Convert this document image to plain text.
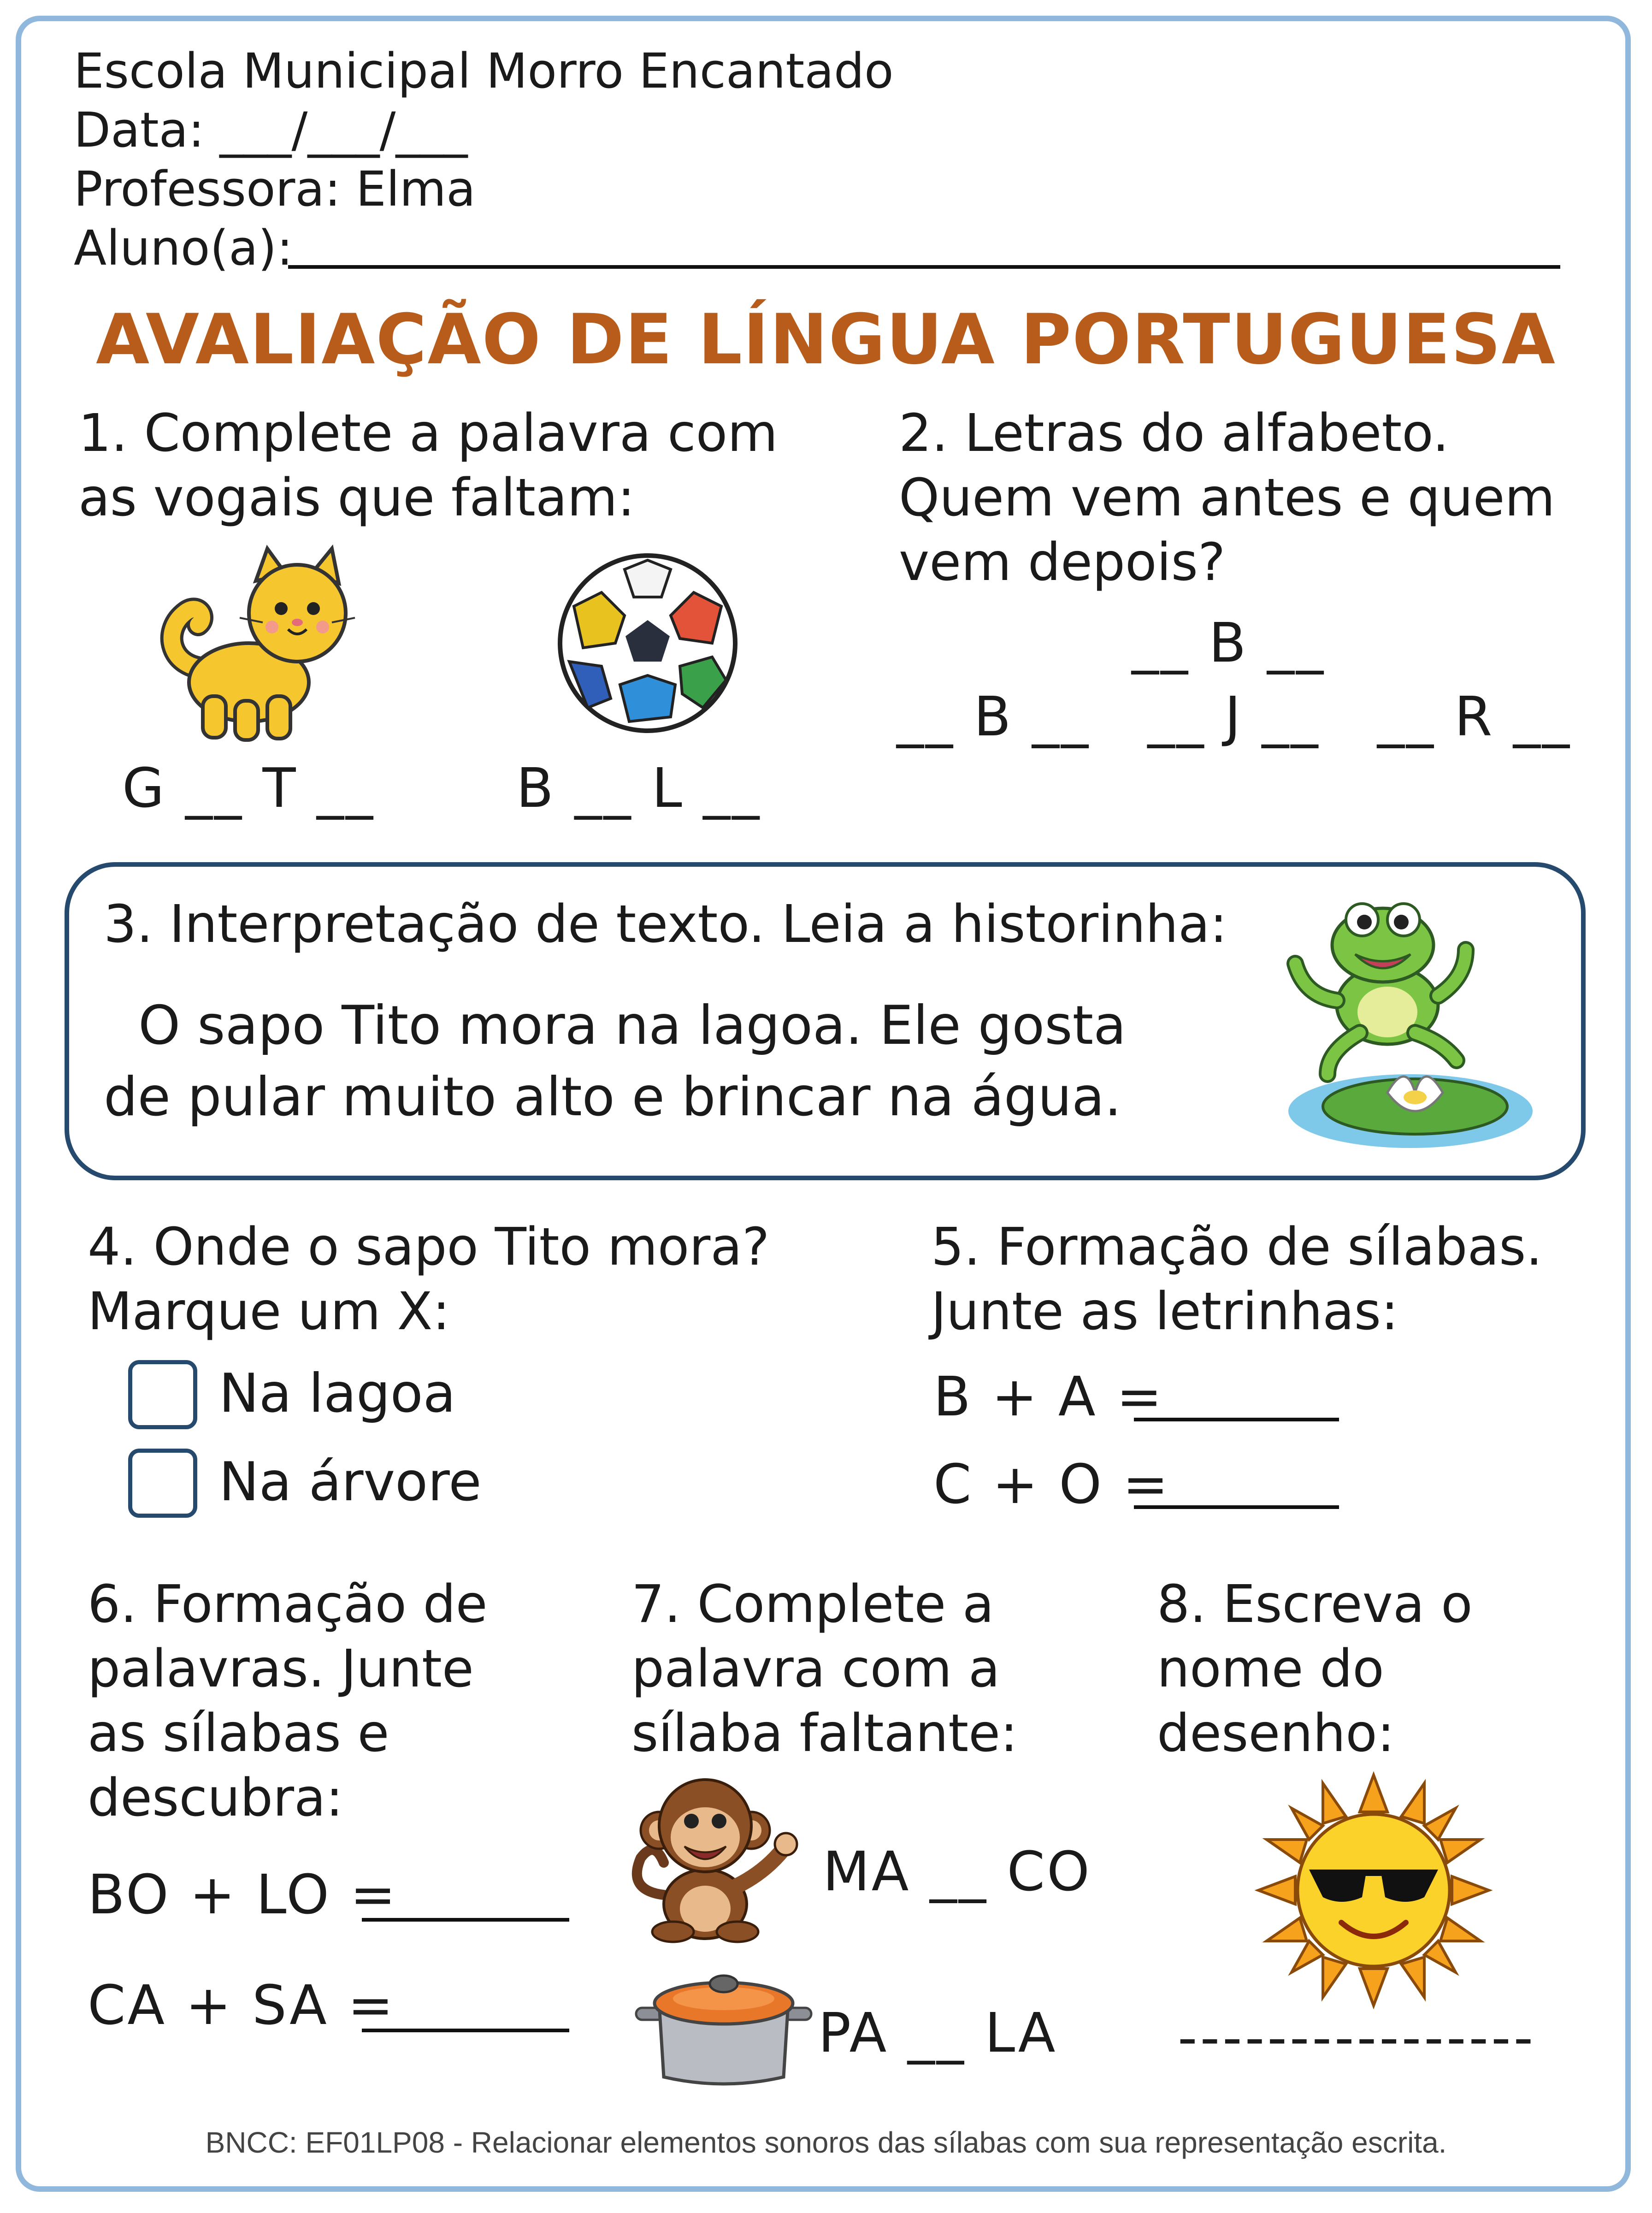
Escola Municipal Morro Encantado
Data: ___/___/___
Professora: Elma
Aluno(a):
AVALIAÇÃO DE LÍNGUA PORTUGUESA
1. Complete a palavra com
as vogais que faltam:
G __ T __	B __ L __
2. Letras do alfabeto.
Quem vem antes e quem
vem depois?
__ B __
__ B __   __ J __   __ R __
3. Interpretação de texto. Leia a historinha:
O sapo Tito mora na lagoa. Ele gosta
de pular muito alto e brincar na água.
4. Onde o sapo Tito mora?
Marque um X:
Na lagoa
Na árvore
5. Formação de sílabas.
Junte as letrinhas:
B + A =
C + O =
6. Formação de
palavras. Junte
as sílabas e
descubra:
BO + LO =
CA + SA =
7. Complete a
palavra com a
sílaba faltante:
MA __ CO
PA __ LA
8. Escreva o
nome do
desenho:
----------------
BNCC: EF01LP08 - Relacionar elementos sonoros das sílabas com sua representação escrita.
